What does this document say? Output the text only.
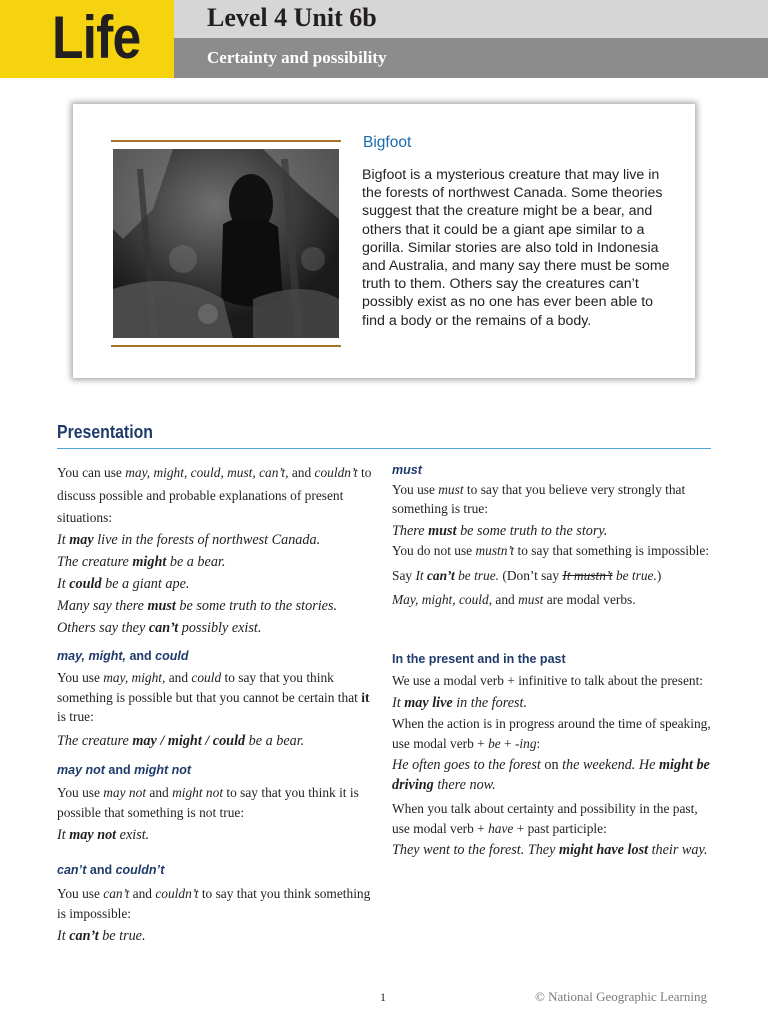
Life	Level 4 Unit 6b
Certainty and possibility
Bigfoot
Bigfoot is a mysterious creature that may live in the forests of northwest Canada. Some theories suggest that the creature might be a bear, and others that it could be a giant ape similar to a gorilla. Similar stories are also told in Indonesia and Australia, and many say there must be some truth to them. Others say the creatures can’t possibly exist as no one has ever been able to find a body or the remains of a body.
Presentation

You can use may, might, could, must, can’t, and couldn’t to discuss possible and probable explanations of present situations:

It may live in the forests of northwest Canada.

The creature might be a bear.

It could be a giant ape.

Many say there must be some truth to the stories.

Others say they can’t possibly exist.

may, might, and could

You use may, might, and could to say that you think something is possible but that you cannot be certain that it is true:

The creature may / might / could be a bear.

may not and might not

You use may not and might not to say that you think it is possible that something is not true:

It may not exist.

can’t and couldn’t

You use can’t and couldn’t to say that you think something is impossible:

It can’t be true.

must

You use must to say that you believe very strongly that something is true:

There must be some truth to the story.

You do not use mustn’t to say that something is impossible:

Say It can’t be true. (Don’t say It mustn’t be true.)

May, might, could, and must are modal verbs.

In the present and in the past

We use a modal verb + infinitive to talk about the present:

It may live in the forest.

When the action is in progress around the time of speaking, use modal verb + be + -ing:

He often goes to the forest on the weekend. He might be driving there now.

When you talk about certainty and possibility in the past, use modal verb + have + past participle:

They went to the forest. They might have lost their way.

1	© National Geographic Learning
